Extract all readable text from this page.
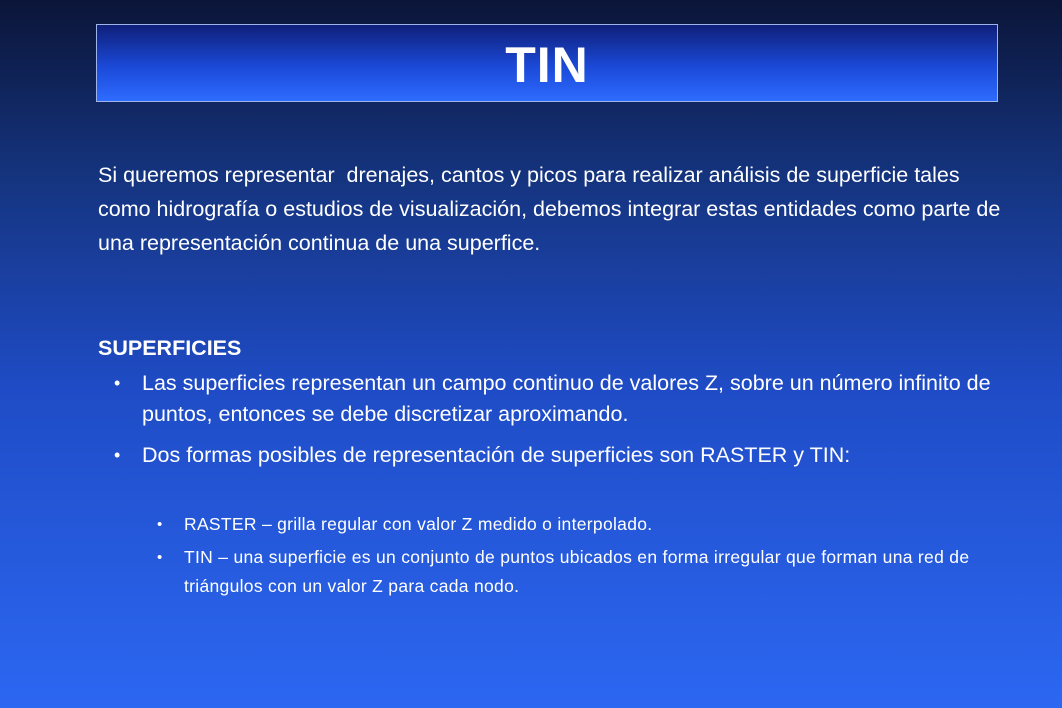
TIN
Si queremos representar  drenajes, cantos y picos para realizar análisis de superficie tales como hidrografía o estudios de visualización, debemos integrar estas entidades como parte de una representación continua de una superfice.
SUPERFICIES
• Las superficies representan un campo continuo de valores Z, sobre un número infinito de puntos, entonces se debe discretizar aproximando.
• Dos formas posibles de representación de superficies son RASTER y TIN:
• RASTER – grilla regular con valor Z medido o interpolado.
• TIN – una superficie es un conjunto de puntos ubicados en forma irregular que forman una red de triángulos con un valor Z para cada nodo.
